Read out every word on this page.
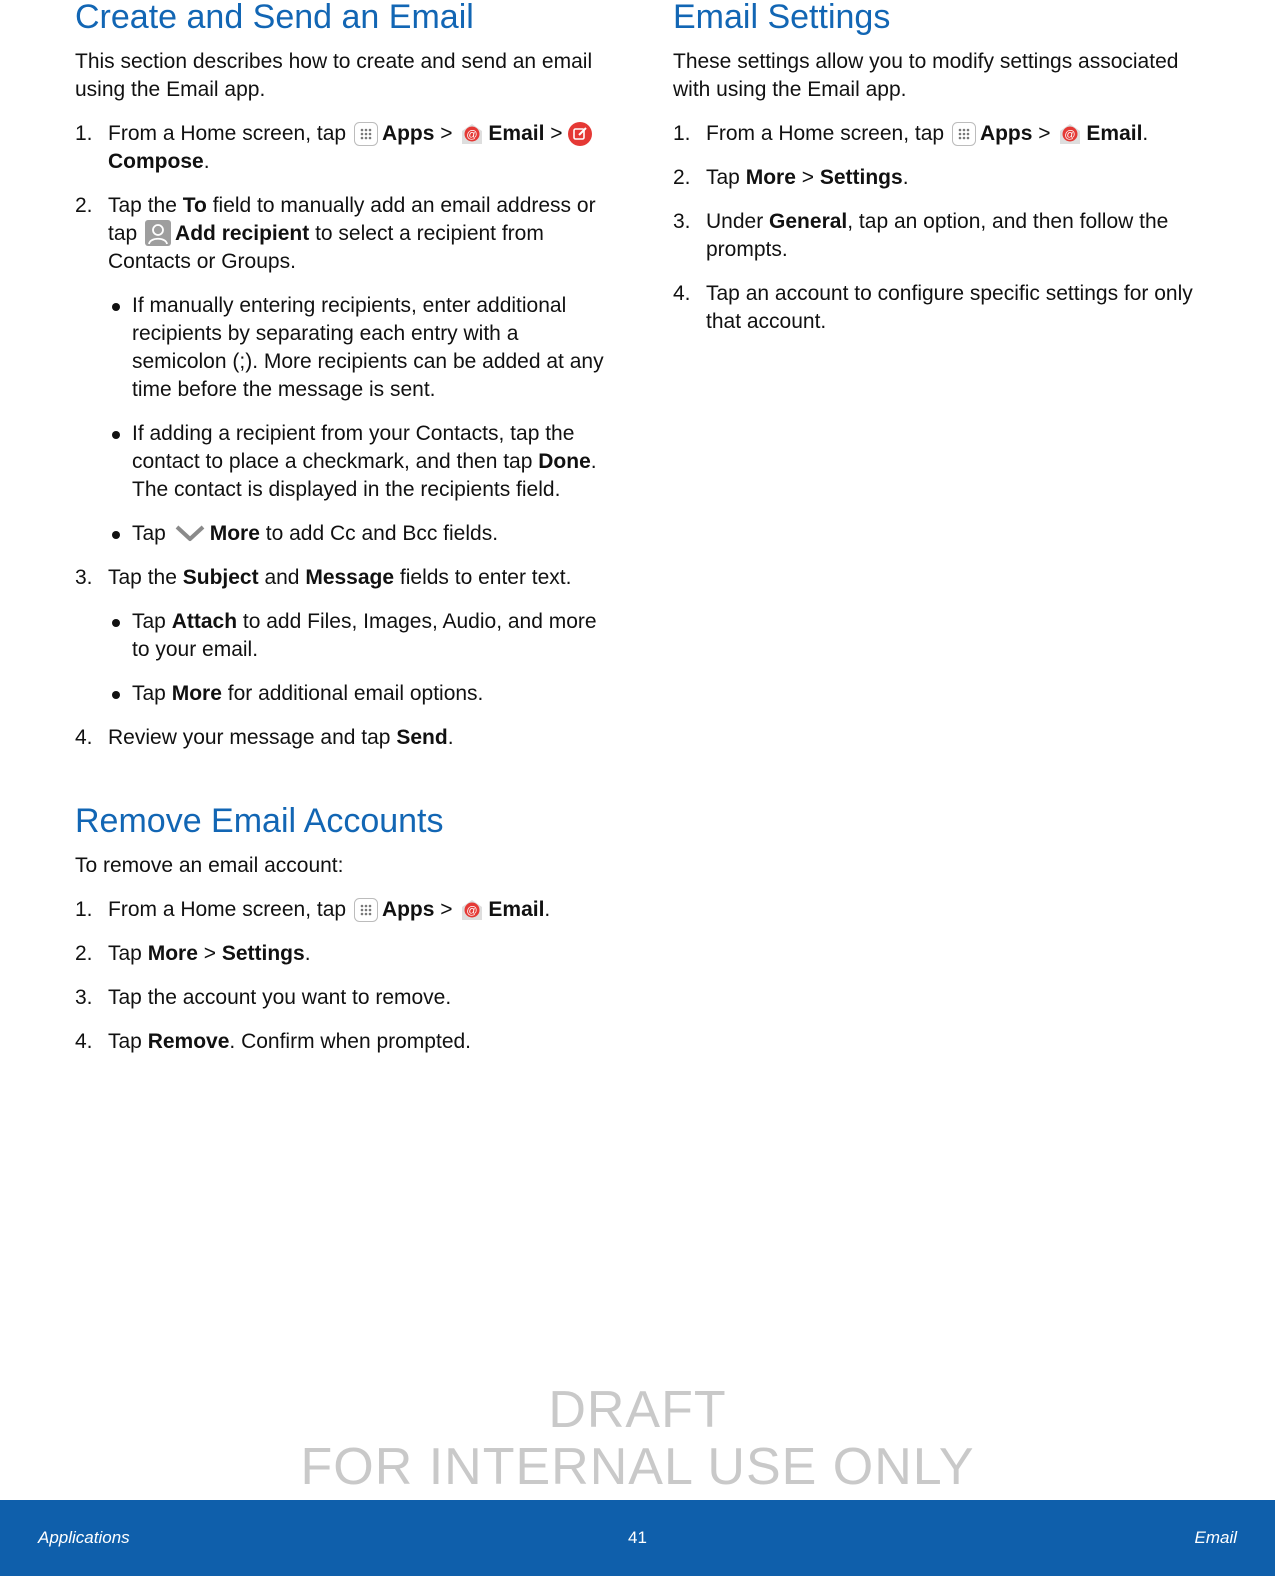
Create and Send an Email

This section describes how to create and send an email using the Email app.

1. From a Home screen, tap Apps > Email > Compose.
2. Tap the To field to manually add an email address or tap Add recipient to select a recipient from Contacts or Groups.
If manually entering recipients, enter additional recipients by separating each entry with a semicolon (;). More recipients can be added at any time before the message is sent.
If adding a recipient from your Contacts, tap the contact to place a checkmark, and then tap Done. The contact is displayed in the recipients field.
Tap More to add Cc and Bcc fields.
3. Tap the Subject and Message fields to enter text.
Tap Attach to add Files, Images, Audio, and more to your email.
Tap More for additional email options.
4. Review your message and tap Send.
Remove Email Accounts

To remove an email account:

1. From a Home screen, tap Apps > Email.
2. Tap More > Settings.
3. Tap the account you want to remove.
4. Tap Remove. Confirm when prompted.
Email Settings

These settings allow you to modify settings associated with using the Email app.

1. From a Home screen, tap Apps > Email.
2. Tap More > Settings.
3. Under General, tap an option, and then follow the prompts.
4. Tap an account to configure specific settings for only that account.
DRAFT
FOR INTERNAL USE ONLY
Applications	41	Email
